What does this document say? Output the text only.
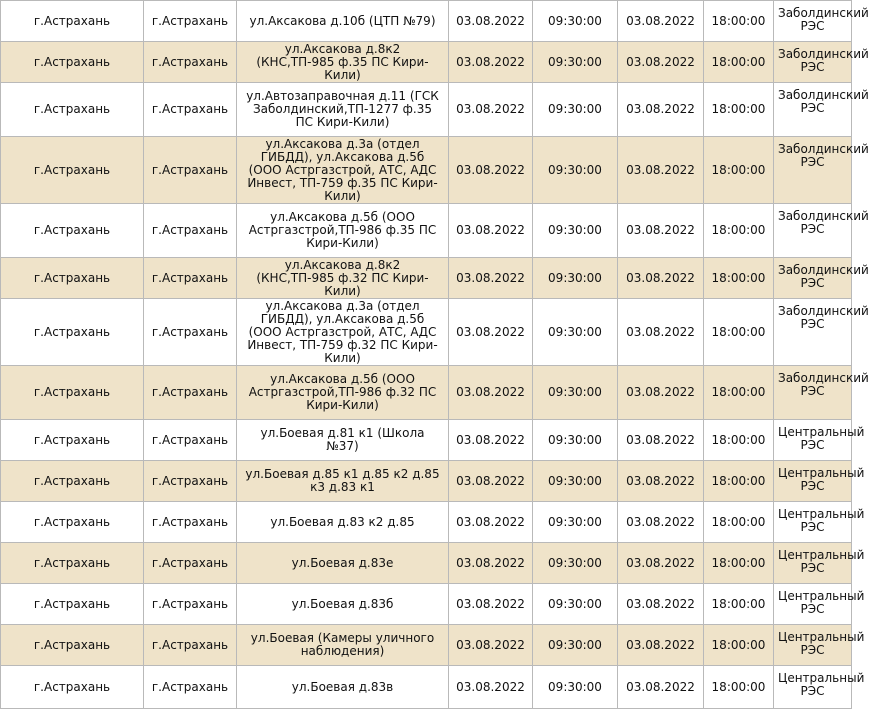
г.Астрахань	г.Астрахань	ул.Аксакова д.10б (ЦТП №79)	03.08.2022	09:30:00	03.08.2022	18:00:00	Заболдинский РЭС
г.Астрахань	г.Астрахань	ул.Аксакова д.8к2 (КНС,ТП-985 ф.35 ПС Кири-Кили)	03.08.2022	09:30:00	03.08.2022	18:00:00	Заболдинский РЭС
г.Астрахань	г.Астрахань	ул.Автозаправочная д.11 (ГСК Заболдинский,ТП-1277 ф.35 ПС Кири-Кили)	03.08.2022	09:30:00	03.08.2022	18:00:00	Заболдинский РЭС
г.Астрахань	г.Астрахань	ул.Аксакова д.3а (отдел ГИБДД), ул.Аксакова д.5б (ООО Астргазстрой, АТС, АДС Инвест, ТП-759 ф.35 ПС Кири-Кили)	03.08.2022	09:30:00	03.08.2022	18:00:00	Заболдинский РЭС
г.Астрахань	г.Астрахань	ул.Аксакова д.5б (ООО Астргазстрой,ТП-986 ф.35 ПС Кири-Кили)	03.08.2022	09:30:00	03.08.2022	18:00:00	Заболдинский РЭС
г.Астрахань	г.Астрахань	ул.Аксакова д.8к2 (КНС,ТП-985 ф.32 ПС Кири-Кили)	03.08.2022	09:30:00	03.08.2022	18:00:00	Заболдинский РЭС
г.Астрахань	г.Астрахань	ул.Аксакова д.3а (отдел ГИБДД), ул.Аксакова д.5б (ООО Астргазстрой, АТС, АДС Инвест, ТП-759 ф.32 ПС Кири-Кили)	03.08.2022	09:30:00	03.08.2022	18:00:00	Заболдинский РЭС
г.Астрахань	г.Астрахань	ул.Аксакова д.5б (ООО Астргазстрой,ТП-986 ф.32 ПС Кири-Кили)	03.08.2022	09:30:00	03.08.2022	18:00:00	Заболдинский РЭС
г.Астрахань	г.Астрахань	ул.Боевая д.81 к1 (Школа №37)	03.08.2022	09:30:00	03.08.2022	18:00:00	Центральный РЭС
г.Астрахань	г.Астрахань	ул.Боевая д.85 к1 д.85 к2 д.85 к3 д.83 к1	03.08.2022	09:30:00	03.08.2022	18:00:00	Центральный РЭС
г.Астрахань	г.Астрахань	ул.Боевая д.83 к2 д.85	03.08.2022	09:30:00	03.08.2022	18:00:00	Центральный РЭС
г.Астрахань	г.Астрахань	ул.Боевая д.83е	03.08.2022	09:30:00	03.08.2022	18:00:00	Центральный РЭС
г.Астрахань	г.Астрахань	ул.Боевая д.83б	03.08.2022	09:30:00	03.08.2022	18:00:00	Центральный РЭС
г.Астрахань	г.Астрахань	ул.Боевая (Камеры уличного наблюдения)	03.08.2022	09:30:00	03.08.2022	18:00:00	Центральный РЭС
г.Астрахань	г.Астрахань	ул.Боевая д.83в	03.08.2022	09:30:00	03.08.2022	18:00:00	Центральный РЭС
